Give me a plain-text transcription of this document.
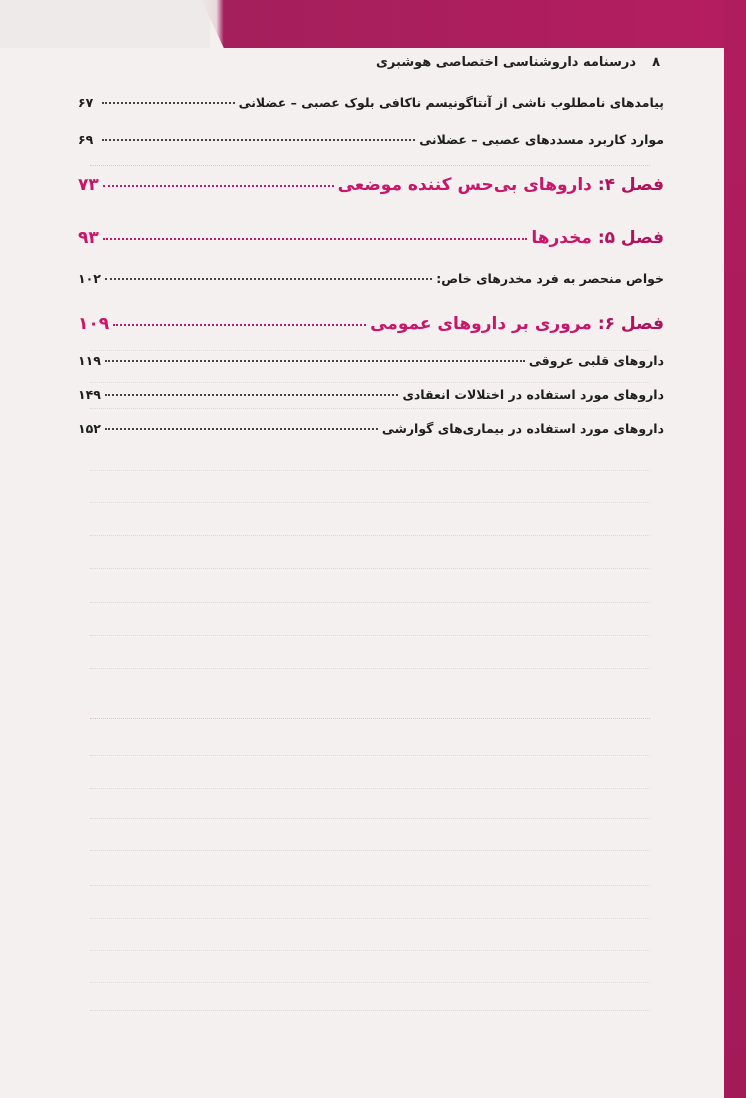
۸
درسنامه داروشناسی اختصاصی هوشبری
پیامدهای نامطلوب ناشی از آنتاگونیسم ناکافی بلوک عصبی – عضلانی
۶۷
موارد کاربرد مسددهای عصبی – عضلانی
۶۹
فصل ۴: داروهای بی‌حس کننده موضعی
۷۳
فصل ۵: مخدرها
۹۳
خواص منحصر به فرد مخدرهای خاص:
۱۰۲
فصل ۶: مروری بر داروهای عمومی
۱۰۹
داروهای قلبی عروقی
۱۱۹
داروهای مورد استفاده در اختلالات انعقادی
۱۴۹
داروهای مورد استفاده در بیماری‌های گوارشی
۱۵۲
